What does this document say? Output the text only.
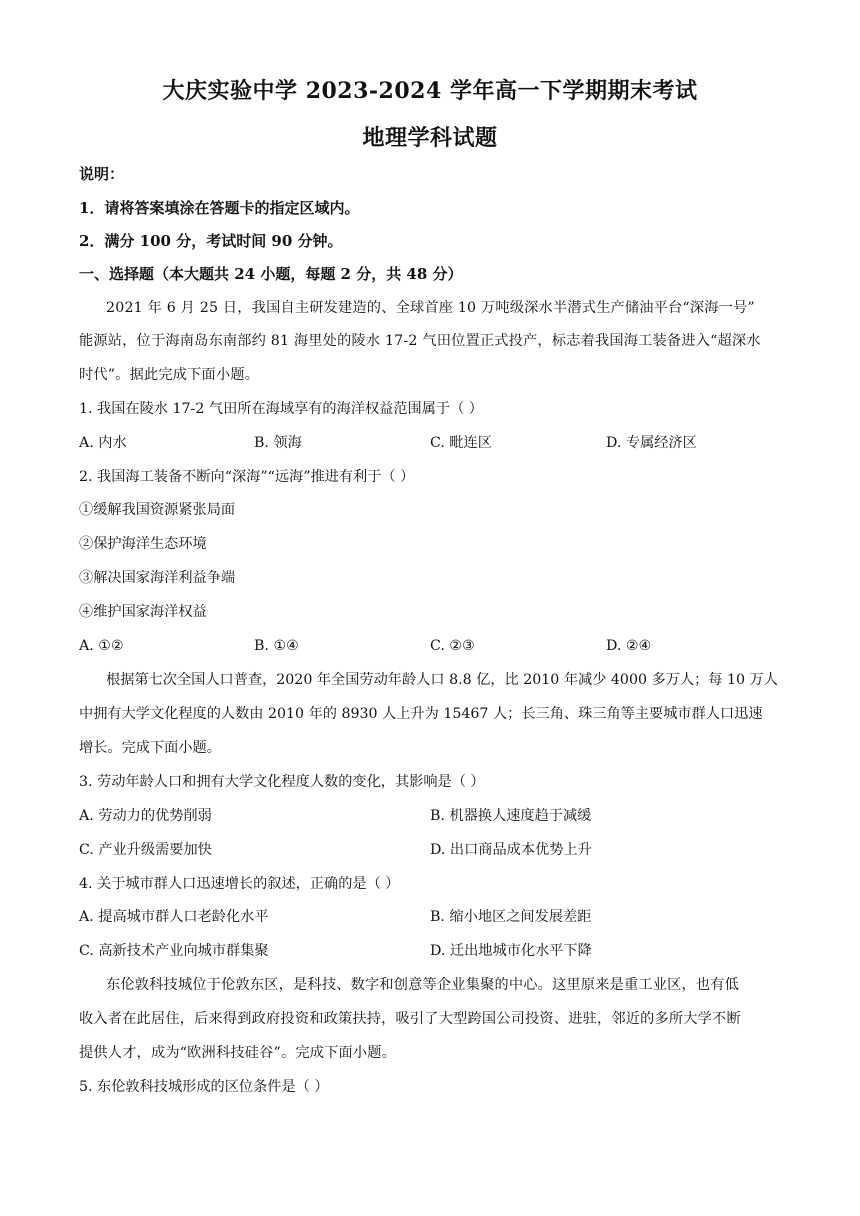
大庆实验中学 2023-2024 学年高一下学期期末考试
地理学科试题
说明：
1．请将答案填涂在答题卡的指定区域内。
2．满分 100 分，考试时间 90 分钟。
一、选择题（本大题共 24 小题，每题 2 分，共 48 分）
2021 年 6 月 25 日，我国自主研发建造的、全球首座 10 万吨级深水半潜式生产储油平台“深海一号”
能源站，位于海南岛东南部约 81 海里处的陵水 17-2 气田位置正式投产，标志着我国海工装备进入“超深水
时代”。据此完成下面小题。
1. 我国在陵水 17-2 气田所在海域享有的海洋权益范围属于（ ）
A. 内水	B. 领海	C. 毗连区	D. 专属经济区
2. 我国海工装备不断向“深海”“远海”推进有利于（ ）
①缓解我国资源紧张局面
②保护海洋生态环境
③解决国家海洋利益争端
④维护国家海洋权益
A. ①②	B. ①④	C. ②③	D. ②④
根据第七次全国人口普查，2020 年全国劳动年龄人口 8.8 亿，比 2010 年减少 4000 多万人；每 10 万人
中拥有大学文化程度的人数由 2010 年的 8930 人上升为 15467 人；长三角、珠三角等主要城市群人口迅速
增长。完成下面小题。
3. 劳动年龄人口和拥有大学文化程度人数的变化，其影响是（ ）
A. 劳动力的优势削弱	B. 机器换人速度趋于减缓
C. 产业升级需要加快	D. 出口商品成本优势上升
4. 关于城市群人口迅速增长的叙述，正确的是（ ）
A. 提高城市群人口老龄化水平	B. 缩小地区之间发展差距
C. 高新技术产业向城市群集聚	D. 迁出地城市化水平下降
东伦敦科技城位于伦敦东区，是科技、数字和创意等企业集聚的中心。这里原来是重工业区，也有低
收入者在此居住，后来得到政府投资和政策扶持，吸引了大型跨国公司投资、进驻，邻近的多所大学不断
提供人才，成为“欧洲科技硅谷”。完成下面小题。
5. 东伦敦科技城形成的区位条件是（ ）
